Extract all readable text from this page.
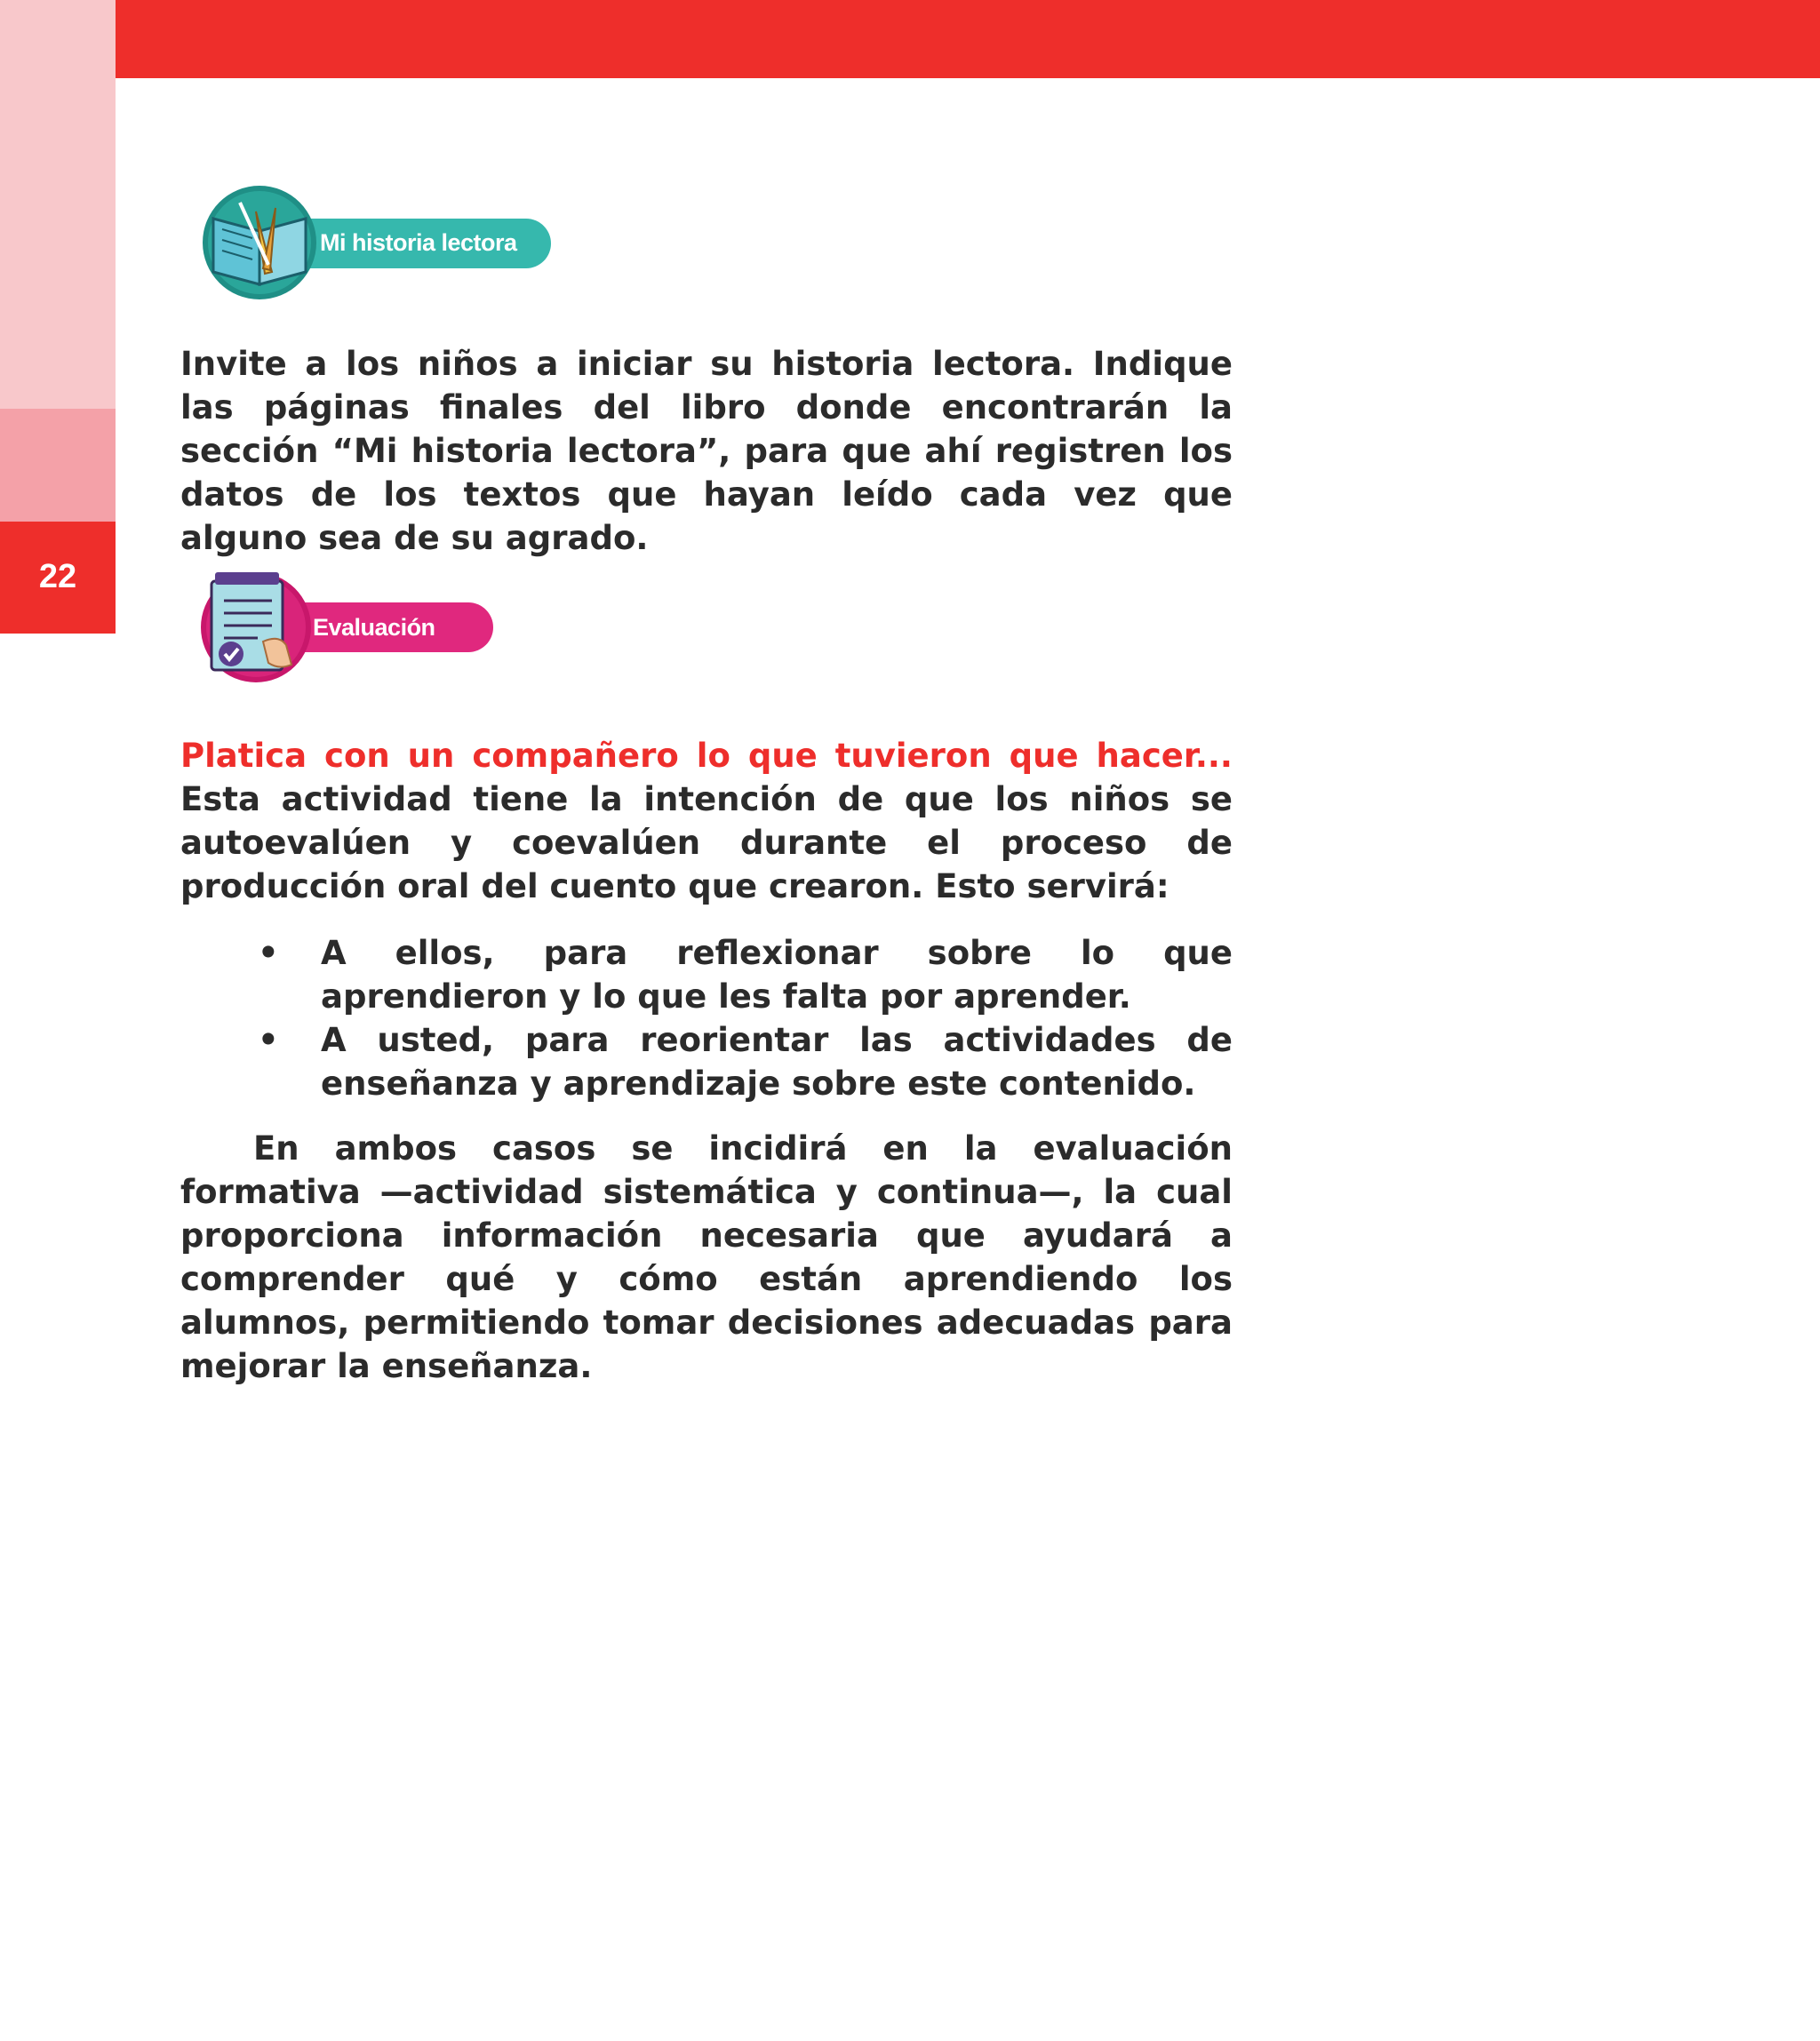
22
Mi historia lectora

Invite a los niños a iniciar su historia lectora. Indique las páginas finales del libro donde encontrarán la sección “Mi historia lectora”, para que ahí registren los datos de los textos que hayan leído cada vez que alguno sea de su agrado.

Evaluación

Platica con un compañero lo que tuvieron que hacer... Esta actividad tiene la intención de que los niños se autoevalúen y coevalúen durante el proceso de producción oral del cuento que crearon. Esto servirá:

• A ellos, para reflexionar sobre lo que aprendieron y lo que les falta por aprender.
• A usted, para reorientar las actividades de enseñanza y aprendizaje sobre este contenido.

En ambos casos se incidirá en la evaluación formativa —actividad sistemática y continua—, la cual proporciona información necesaria que ayudará a comprender qué y cómo están aprendiendo los alumnos, permitiendo tomar decisiones adecuadas para mejorar la enseñanza.
